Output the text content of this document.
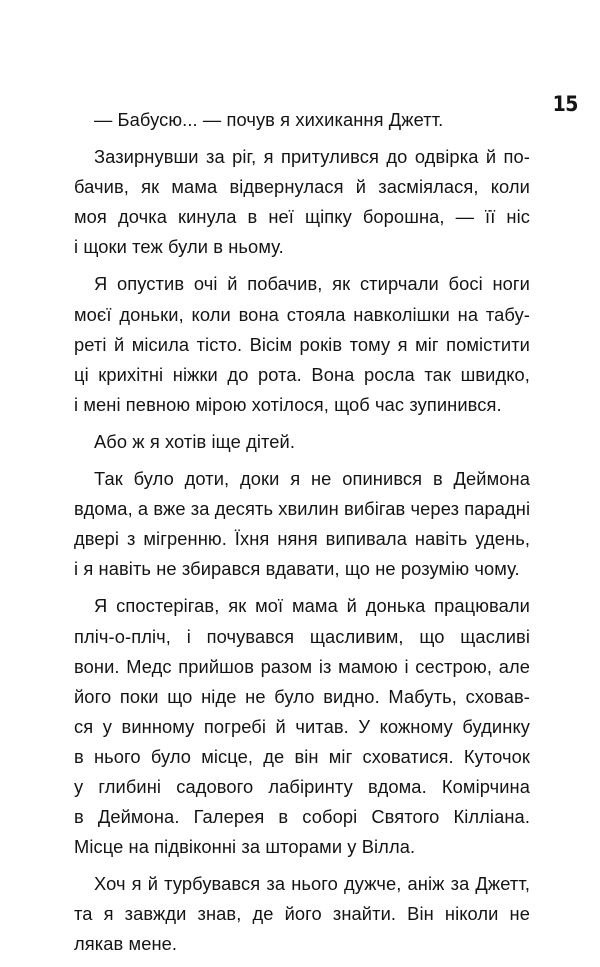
15
— Бабусю... — почув я хихикання Джетт.
Зазирнувши за ріг, я притулився до одвірка й по-
бачив, як мама відвернулася й засміялася, коли
моя дочка кинула в неї щіпку борошна, — її ніс
і щоки теж були в ньому.
Я опустив очі й побачив, як стирчали босі ноги
моєї доньки, коли вона стояла навколішки на табу-
реті й місила тісто. Вісім років тому я міг помістити
ці крихітні ніжки до рота. Вона росла так швидко,
і мені певною мірою хотілося, щоб час зупинився.
Або ж я хотів іще дітей.
Так було доти, доки я не опинився в Деймона
вдома, а вже за десять хвилин вибігав через парадні
двері з мігренню. Їхня няня випивала навіть удень,
і я навіть не збирався вдавати, що не розумію чому.
Я спостерігав, як мої мама й донька працювали
пліч-о-пліч, і почувався щасливим, що щасливі
вони. Медс прийшов разом із мамою і сестрою, але
його поки що ніде не було видно. Мабуть, сховав-
ся у винному погребі й читав. У кожному будинку
в нього було місце, де він міг сховатися. Куточок
у глибині садового лабіринту вдома. Комірчина
в Деймона. Галерея в соборі Святого Кілліана.
Місце на підвіконні за шторами у Вілла.
Хоч я й турбувався за нього дужче, аніж за Джетт,
та я завжди знав, де його знайти. Він ніколи не
лякав мене.
